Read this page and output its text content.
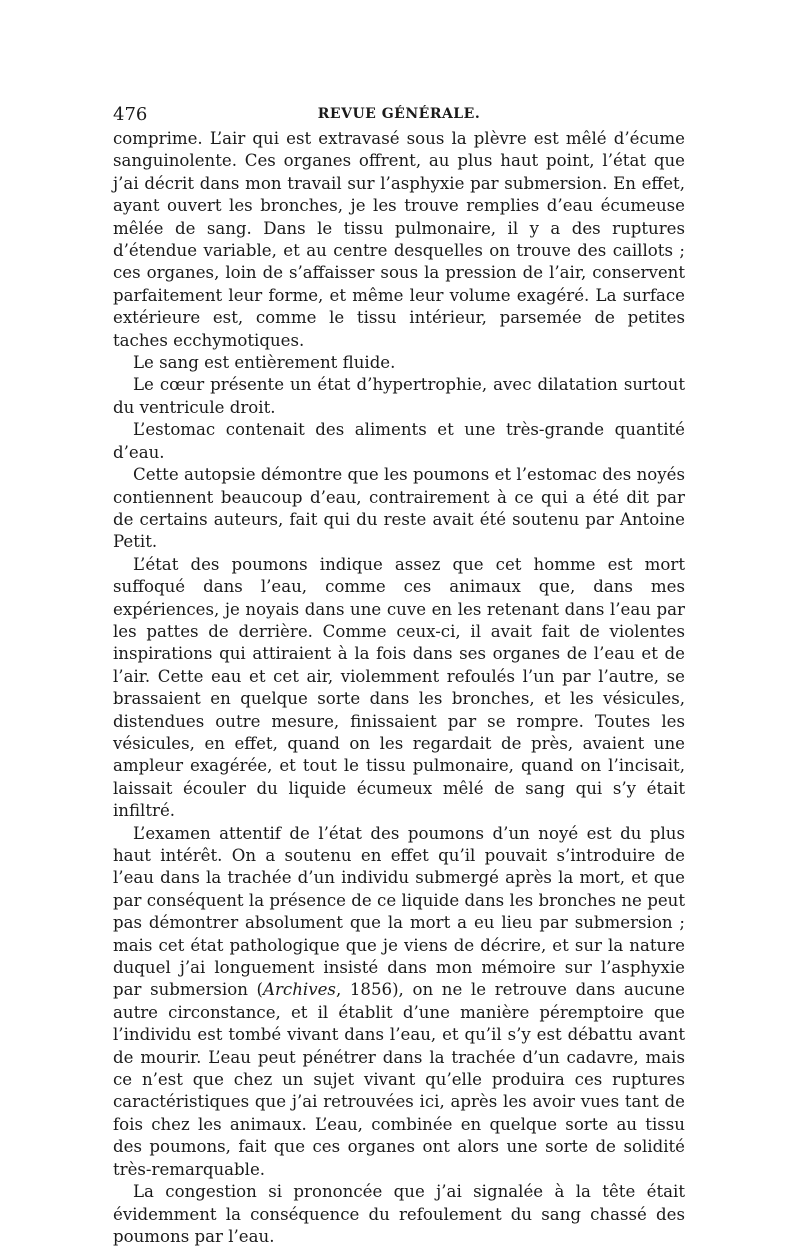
476	REVUE GÉNÉRALE.

comprime. L’air qui est extravasé sous la plèvre est mêlé d’écume sanguinolente. Ces organes offrent, au plus haut point, l’état que j’ai décrit dans mon travail sur l’asphyxie par submersion. En effet, ayant ouvert les bronches, je les trouve remplies d’eau écumeuse mêlée de sang. Dans le tissu pulmonaire, il y a des ruptures d’étendue variable, et au centre desquelles on trouve des caillots ; ces organes, loin de s’affaisser sous la pression de l’air, conservent parfaitement leur forme, et même leur volume exagéré. La surface extérieure est, comme le tissu intérieur, parsemée de petites taches ecchymotiques.

Le sang est entièrement fluide.

Le cœur présente un état d’hypertrophie, avec dilatation surtout du ventricule droit.

L’estomac contenait des aliments et une très-grande quantité d’eau.

Cette autopsie démontre que les poumons et l’estomac des noyés contiennent beaucoup d’eau, contrairement à ce qui a été dit par de certains auteurs, fait qui du reste avait été soutenu par Antoine Petit.

L’état des poumons indique assez que cet homme est mort suffoqué dans l’eau, comme ces animaux que, dans mes expériences, je noyais dans une cuve en les retenant dans l’eau par les pattes de derrière. Comme ceux-ci, il avait fait de violentes inspirations qui attiraient à la fois dans ses organes de l’eau et de l’air. Cette eau et cet air, violemment refoulés l’un par l’autre, se brassaient en quelque sorte dans les bronches, et les vésicules, distendues outre mesure, finissaient par se rompre. Toutes les vésicules, en effet, quand on les regardait de près, avaient une ampleur exagérée, et tout le tissu pulmonaire, quand on l’incisait, laissait écouler du liquide écumeux mêlé de sang qui s’y était infiltré.

L’examen attentif de l’état des poumons d’un noyé est du plus haut intérêt. On a soutenu en effet qu’il pouvait s’introduire de l’eau dans la trachée d’un individu submergé après la mort, et que par conséquent la présence de ce liquide dans les bronches ne peut pas démontrer absolument que la mort a eu lieu par submersion ; mais cet état pathologique que je viens de décrire, et sur la nature duquel j’ai longuement insisté dans mon mémoire sur l’asphyxie par submersion (Archives, 1856), on ne le retrouve dans aucune autre circonstance, et il établit d’une manière péremptoire que l’individu est tombé vivant dans l’eau, et qu’il s’y est débattu avant de mourir. L’eau peut pénétrer dans la trachée d’un cadavre, mais ce n’est que chez un sujet vivant qu’elle produira ces ruptures caractéristiques que j’ai retrouvées ici, après les avoir vues tant de fois chez les animaux. L’eau, combinée en quelque sorte au tissu des poumons, fait que ces organes ont alors une sorte de solidité très-remarquable.

La congestion si prononcée que j’ai signalée à la tête était évidemment la conséquence du refoulement du sang chassé des poumons par l’eau.
